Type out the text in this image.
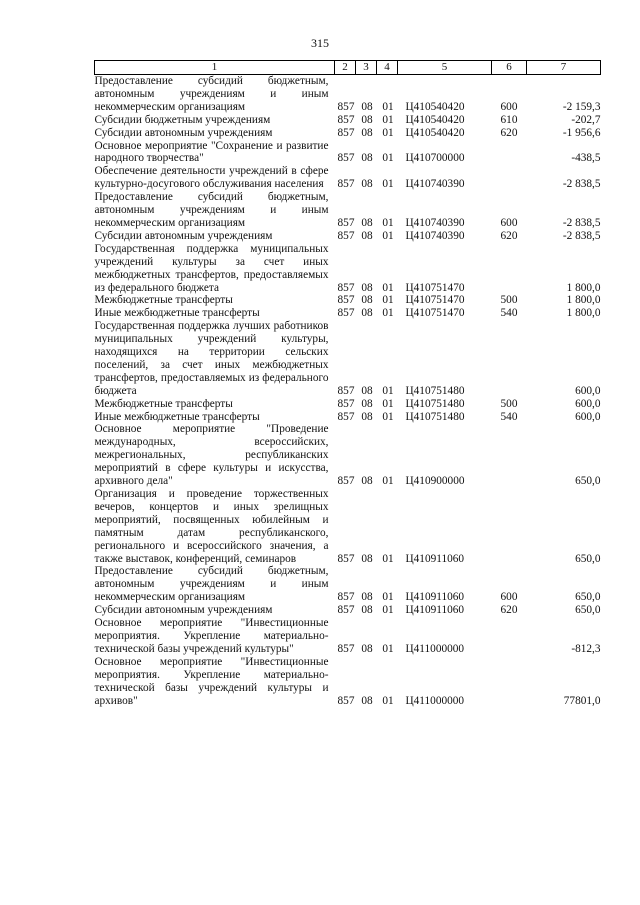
315
1	2	3	4	5	6	7
Предоставление субсидий бюджетным, автономным учреждениям и иным некоммерческим организациям	857	08	01	Ц410540420	600	-2 159,3
Субсидии бюджетным учреждениям	857	08	01	Ц410540420	610	-202,7
Субсидии автономным учреждениям	857	08	01	Ц410540420	620	-1 956,6
Основное мероприятие "Сохранение и развитие народного творчества"	857	08	01	Ц410700000		-438,5
Обеспечение деятельности учреждений в сфере культурно-досугового обслуживания населения	857	08	01	Ц410740390		-2 838,5
Предоставление субсидий бюджетным, автономным учреждениям и иным некоммерческим организациям	857	08	01	Ц410740390	600	-2 838,5
Субсидии автономным учреждениям	857	08	01	Ц410740390	620	-2 838,5
Государственная поддержка муниципальных учреждений культуры за счет иных межбюджетных трансфертов, предоставляемых из федерального бюджета	857	08	01	Ц410751470		1 800,0
Межбюджетные трансферты	857	08	01	Ц410751470	500	1 800,0
Иные межбюджетные трансферты	857	08	01	Ц410751470	540	1 800,0
Государственная поддержка лучших работников муниципальных учреждений культуры, находящихся на территории сельских поселений, за счет иных межбюджетных трансфертов, предоставляемых из федерального бюджета	857	08	01	Ц410751480		600,0
Межбюджетные трансферты	857	08	01	Ц410751480	500	600,0
Иные межбюджетные трансферты	857	08	01	Ц410751480	540	600,0
Основное мероприятие "Проведение международных, всероссийских, межрегиональных, республиканских мероприятий в сфере культуры и искусства, архивного дела"	857	08	01	Ц410900000		650,0
Организация и проведение торжественных вечеров, концертов и иных зрелищных мероприятий, посвященных юбилейным и памятным датам республиканского, регионального и всероссийского значения, а также выставок, конференций, семинаров	857	08	01	Ц410911060		650,0
Предоставление субсидий бюджетным, автономным учреждениям и иным некоммерческим организациям	857	08	01	Ц410911060	600	650,0
Субсидии автономным учреждениям	857	08	01	Ц410911060	620	650,0
Основное мероприятие "Инвестиционные мероприятия. Укрепление материально-технической базы учреждений культуры"	857	08	01	Ц411000000		-812,3
Основное мероприятие "Инвестиционные мероприятия. Укрепление материально-технической базы учреждений культуры и архивов"	857	08	01	Ц411000000		77801,0
